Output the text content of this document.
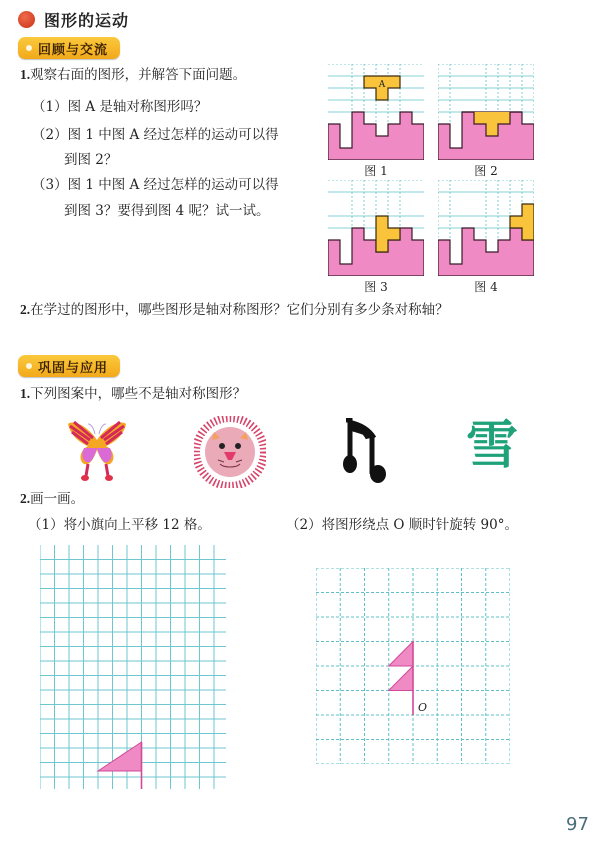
图形的运动
回顾与交流
1.观察右面的图形，并解答下面问题。
（1）图 A 是轴对称图形吗？
（2）图 1 中图 A 经过怎样的运动可以得
到图 2？
（3）图 1 中图 A 经过怎样的运动可以得
到图 3？要得到图 4 呢？试一试。
A
图 1	图 2
图 3	图 4
2.在学过的图形中，哪些图形是轴对称图形？它们分别有多少条对称轴？
巩固与应用
1.下列图案中，哪些不是轴对称图形？
雪
2.画一画。
（1）将小旗向上平移 12 格。	（2）将图形绕点 O 顺时针旋转 90°。
O
97
